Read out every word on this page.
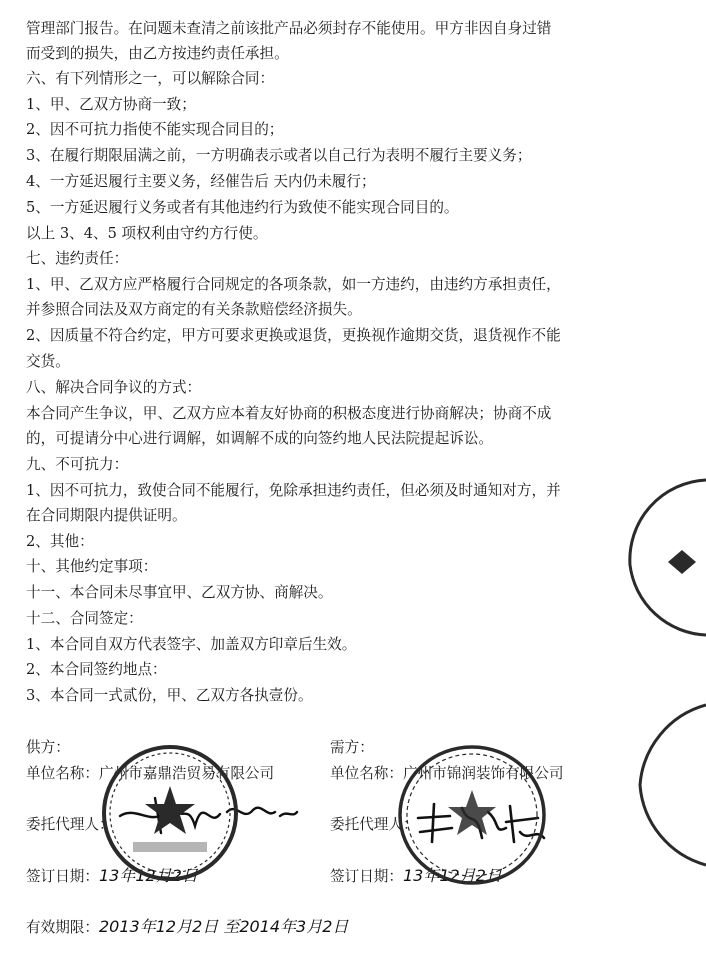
管理部门报告。在问题未查清之前该批产品必须封存不能使用。甲方非因自身过错
而受到的损失，由乙方按违约责任承担。
六、有下列情形之一，可以解除合同：
1、甲、乙双方协商一致；
2、因不可抗力指使不能实现合同目的；
3、在履行期限届满之前，一方明确表示或者以自己行为表明不履行主要义务；
4、一方延迟履行主要义务，经催告后 天内仍未履行；
5、一方延迟履行义务或者有其他违约行为致使不能实现合同目的。
以上 3、4、5 项权利由守约方行使。
七、违约责任：
1、甲、乙双方应严格履行合同规定的各项条款，如一方违约，由违约方承担责任，
并参照合同法及双方商定的有关条款赔偿经济损失。
2、因质量不符合约定，甲方可要求更换或退货，更换视作逾期交货，退货视作不能
交货。
八、解决合同争议的方式：
本合同产生争议，甲、乙双方应本着友好协商的积极态度进行协商解决；协商不成
的，可提请分中心进行调解，如调解不成的向签约地人民法院提起诉讼。
九、不可抗力：
1、因不可抗力，致使合同不能履行，免除承担违约责任，但必须及时通知对方，并
在合同期限内提供证明。
2、其他：
十、其他约定事项：
十一、本合同未尽事宜甲、乙双方协、商解决。
十二、合同签定：
1、本合同自双方代表签字、加盖双方印章后生效。
2、本合同签约地点：
3、本合同一式贰份，甲、乙双方各执壹份。
供方：
单位名称：广州市嘉鼎浩贸易有限公司
委托代理人：
签订日期：13年12月2日
需方：
单位名称：广州市锦润装饰有限公司
委托代理人：
签订日期：13年12月2日
有效期限：2013年12月2日 至2014年3月2日
